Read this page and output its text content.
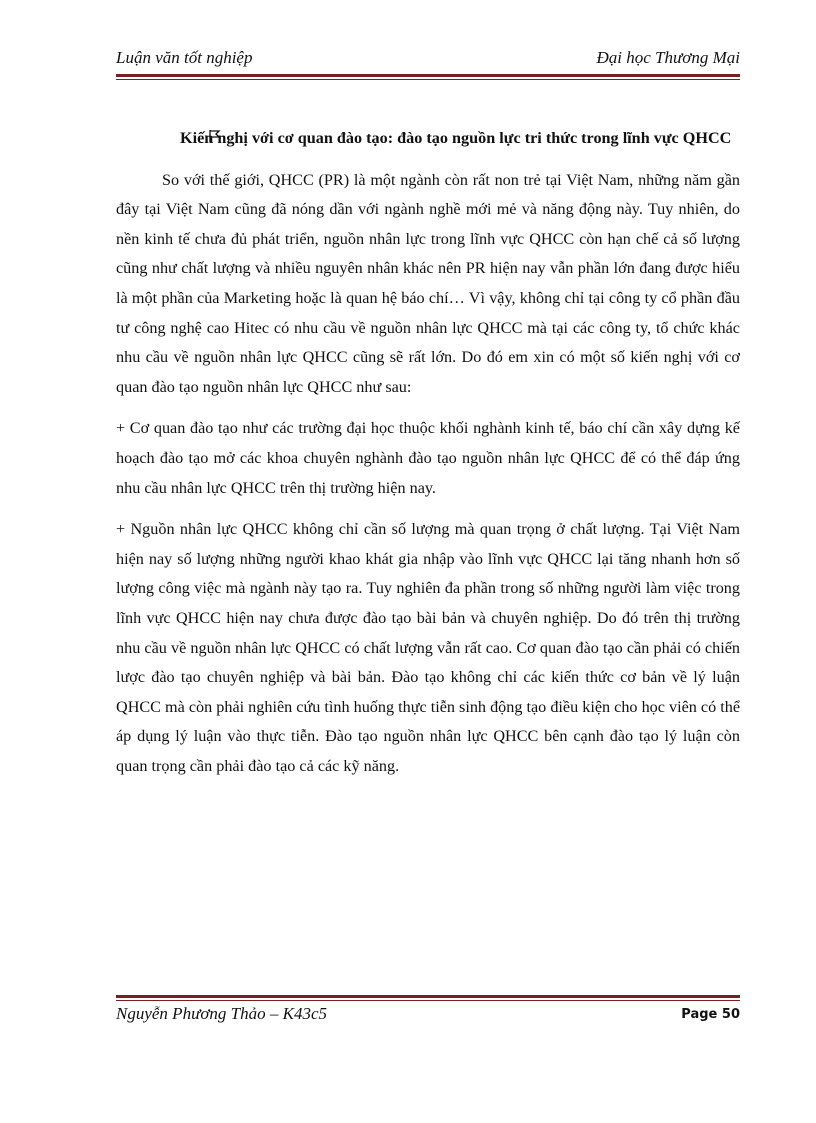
Luận văn tốt nghiệp	Đại học Thương Mại

Kiến nghị với cơ quan đào tạo: đào tạo nguồn lực tri thức trong lĩnh vực QHCC

So với thế giới, QHCC (PR) là một ngành còn rất non trẻ tại Việt Nam, những năm gần đây tại Việt Nam cũng đã nóng dần với ngành nghề mới mẻ và năng động này. Tuy nhiên, do nền kinh tế chưa đủ phát triển, nguồn nhân lực trong lĩnh vực QHCC còn hạn chế cả số lượng cũng như chất lượng và nhiều nguyên nhân khác nên PR hiện nay vẫn phần lớn đang được hiểu là một phần của Marketing hoặc là quan hệ báo chí… Vì vậy, không chỉ tại công ty cổ phần đầu tư công nghệ cao Hitec có nhu cầu về nguồn nhân lực QHCC mà tại các công ty, tổ chức khác nhu cầu về nguồn nhân lực QHCC cũng sẽ rất lớn. Do đó em xin có một số kiến nghị với cơ quan đào tạo nguồn nhân lực QHCC như sau:

+ Cơ quan đào tạo như các trường đại học thuộc khối nghành kinh tế, báo chí cần xây dựng kế hoạch đào tạo mở các khoa chuyên nghành đào tạo nguồn nhân lực QHCC để có thể đáp ứng nhu cầu nhân lực QHCC trên thị trường hiện nay.

+ Nguồn nhân lực QHCC không chỉ cần số lượng mà quan trọng ở chất lượng. Tại Việt Nam hiện nay số lượng những người khao khát gia nhập vào lĩnh vực QHCC lại tăng nhanh hơn số lượng công việc mà ngành này tạo ra. Tuy nghiên đa phần trong số những người làm việc trong lĩnh vực QHCC hiện nay chưa được đào tạo bài bản và chuyên nghiệp. Do đó trên thị trường nhu cầu về nguồn nhân lực QHCC có chất lượng vẫn rất cao. Cơ quan đào tạo cần phải có chiến lược đào tạo chuyên nghiệp và bài bản. Đào tạo không chỉ các kiến thức cơ bản về lý luận QHCC mà còn phải nghiên cứu tình huống thực tiễn sinh động tạo điều kiện cho học viên có thể áp dụng lý luận vào thực tiễn. Đào tạo nguồn nhân lực QHCC bên cạnh đào tạo lý luận còn quan trọng cần phải đào tạo cả các kỹ năng.

Nguyễn Phương Thảo – K43c5	Page 50
